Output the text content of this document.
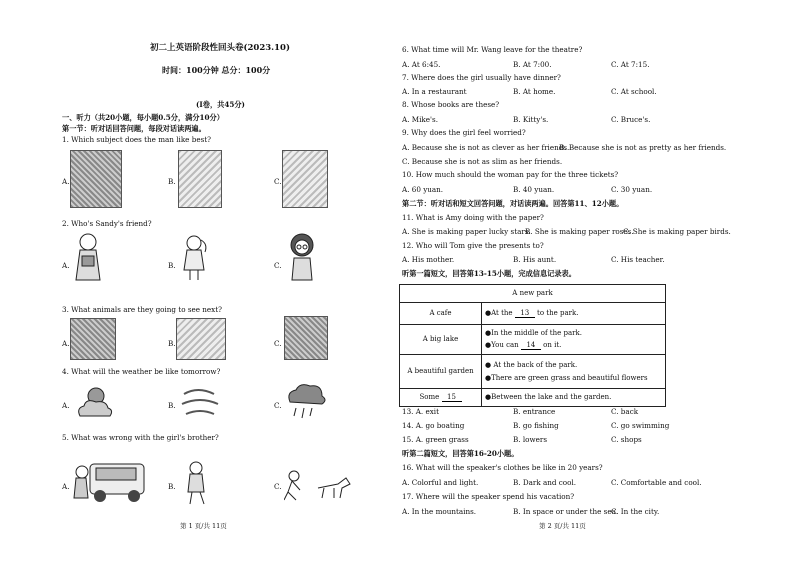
初二上英语阶段性回头卷(2023.10)
时间：100分钟 总分：100分
(I卷，共45分)
一、听力（共20小题，每小题0.5分，满分10分）
第一节：听对话回答问题，每段对话读两遍。
1. Which subject does the man like best?
A.	B.	C.
2. Who's Sandy's friend?
A.	B.	C.
3. What animals are they going to see next?
A.	B.	C.
4. What will the weather be like tomorrow?
A.	B.	C.
5. What was wrong with the girl's brother?
A.	B.	C.
第 1 页/共 11页
6. What time will Mr. Wang leave for the theatre?
A. At 6:45.	B. At 7:00.	C. At 7:15.
7. Where does the girl usually have dinner?
A. In a restaurant	B. At home.	C. At school.
8. Whose books are these?
A. Mike's.	B. Kitty's.	C. Bruce's.
9. Why does the girl feel worried?
A. Because she is not as clever as her friends.
B. Because she is not as pretty as her friends.
C. Because she is not as slim as her friends.
10. How much should the woman pay for the three tickets?
A. 60 yuan.	B. 40 yuan.	C. 30 yuan.
第二节：听对话和短文回答问题，对话读两遍。回答第11、12小题。
11. What is Amy doing with the paper?
A. She is making paper lucky stars.
B. She is making paper roses.
C. She is making paper birds.
12. Who will Tom give the presents to?
A. His mother.	B. His aunt.	C. His teacher.
听第一篇短文，回答第13-15小题，完成信息记录表。
A new park	
A cafe	●At the 13 to the park.
A big lake	●In the middle of the park.
●You can 14 on it.

A beautiful garden	● At the back of the park.
●There are green grass and beautiful flowers

Some 15	●Between the lake and the garden.
13. A. exit	B. entrance	C. back
14. A. go boating	B. go fishing	C. go swimming
15. A. green grass	B. lowers	C. shops
听第二篇短文，回答第16-20小题。
16. What will the speaker's clothes be like in 20 years?
A. Colorful and light.	B. Dark and cool.	C. Comfortable and cool.
17. Where will the speaker spend his vacation?
A. In the mountains.	B. In space or under the sea.
C. In the city.
第 2 页/共 11页
